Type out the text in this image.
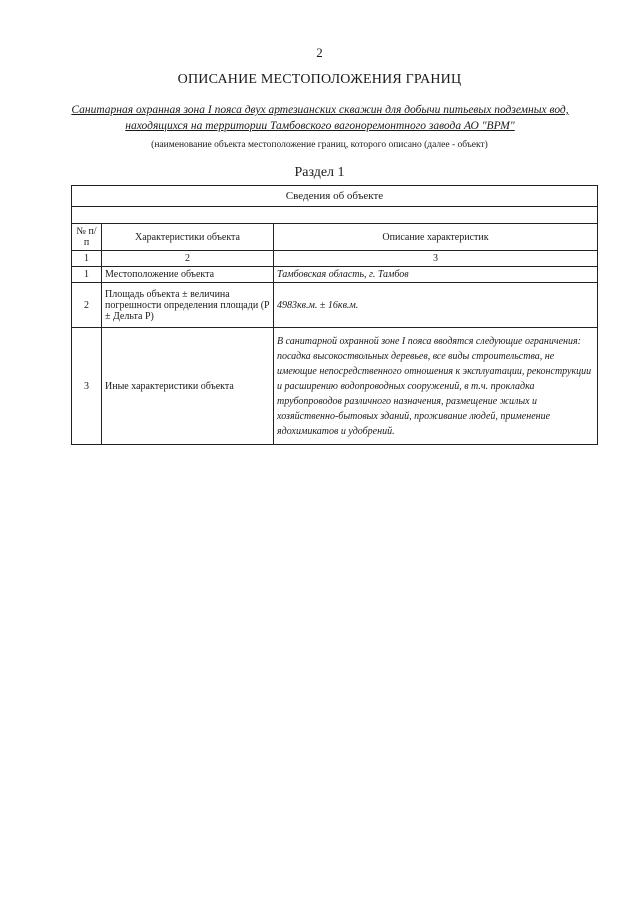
2
ОПИСАНИЕ МЕСТОПОЛОЖЕНИЯ ГРАНИЦ
Санитарная охранная зона I пояса двух артезианских скважин для добычи питьевых подземных вод, находящихся на территории Тамбовского вагоноремонтного завода АО "ВРМ"
(наименование объекта местоположение границ, которого описано (далее - объект)
Раздел 1
Сведения об объекте		

№ п/п	Характеристики объекта	Описание характеристик
1	2	3
1	Местоположение объекта	Тамбовская область, г. Тамбов
2	Площадь объекта ± величина погрешности определения площади (Р ± Дельта Р)	4983кв.м. ± 16кв.м.
3	Иные характеристики объекта	В санитарной охранной зоне I пояса вводятся следующие ограничения: посадка высокоствольных деревьев, все виды строительства, не имеющие непосредственного отношения к эксплуатации, реконструкции и расширению водопроводных сооружений, в т.ч. прокладка трубопроводов различного назначения, размещение жилых и хозяйственно-бытовых зданий, проживание людей, применение ядохимикатов и удобрений.
